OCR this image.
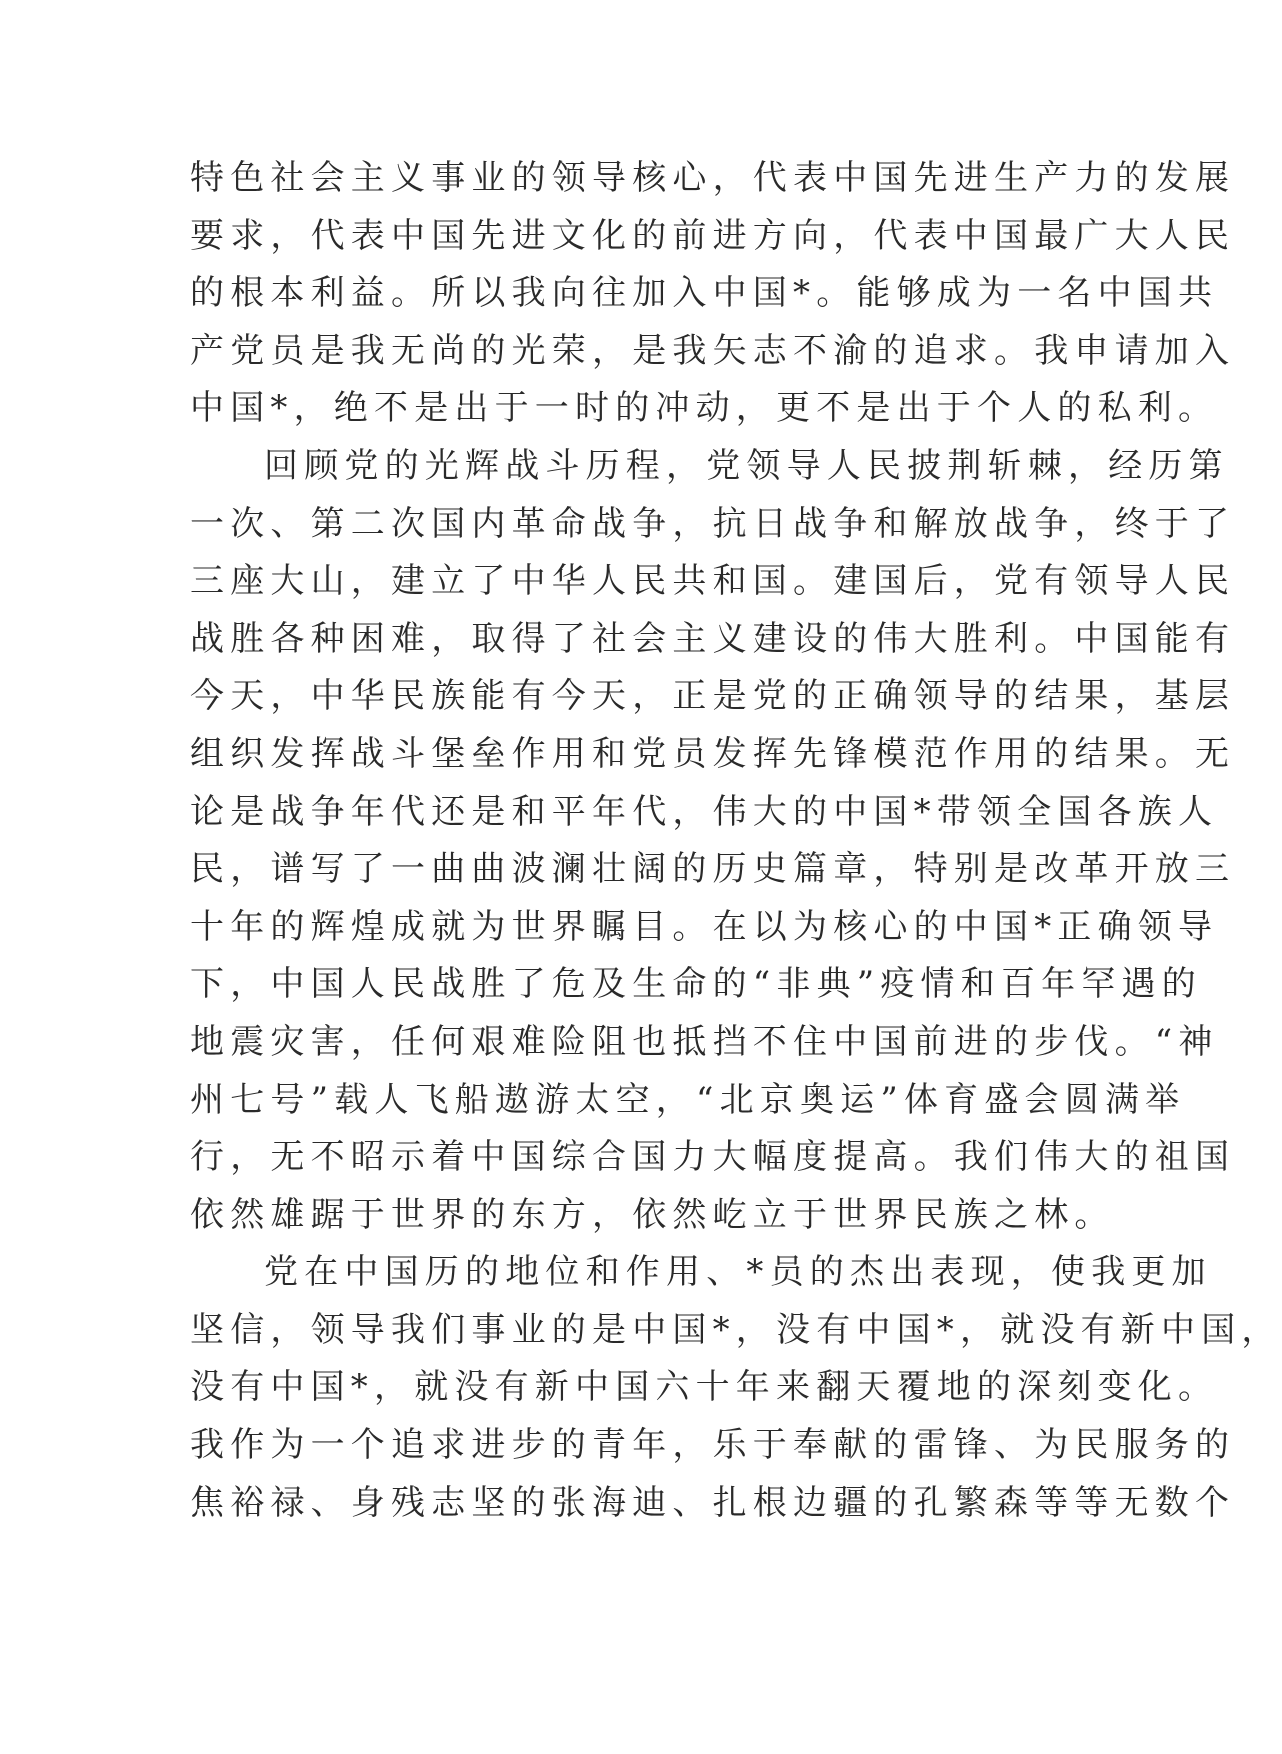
特色社会主义事业的领导核心，代表中国先进生产力的发展
要求，代表中国先进文化的前进方向，代表中国最广大人民
的根本利益。所以我向往加入中国*。能够成为一名中国共
产党员是我无尚的光荣，是我矢志不渝的追求。我申请加入
中国*，绝不是出于一时的冲动，更不是出于个人的私利。
回顾党的光辉战斗历程，党领导人民披荆斩棘，经历第
一次、第二次国内革命战争，抗日战争和解放战争，终于了
三座大山，建立了中华人民共和国。建国后，党有领导人民
战胜各种困难，取得了社会主义建设的伟大胜利。中国能有
今天，中华民族能有今天，正是党的正确领导的结果，基层
组织发挥战斗堡垒作用和党员发挥先锋模范作用的结果。无
论是战争年代还是和平年代，伟大的中国*带领全国各族人
民，谱写了一曲曲波澜壮阔的历史篇章，特别是改革开放三
十年的辉煌成就为世界瞩目。在以为核心的中国*正确领导
下，中国人民战胜了危及生命的“非典”疫情和百年罕遇的
地震灾害，任何艰难险阻也抵挡不住中国前进的步伐。“神
州七号”载人飞船遨游太空，“北京奥运”体育盛会圆满举
行，无不昭示着中国综合国力大幅度提高。我们伟大的祖国
依然雄踞于世界的东方，依然屹立于世界民族之林。
党在中国历的地位和作用、*员的杰出表现，使我更加
坚信，领导我们事业的是中国*，没有中国*，就没有新中国，
没有中国*，就没有新中国六十年来翻天覆地的深刻变化。
我作为一个追求进步的青年，乐于奉献的雷锋、为民服务的
焦裕禄、身残志坚的张海迪、扎根边疆的孔繁森等等无数个
